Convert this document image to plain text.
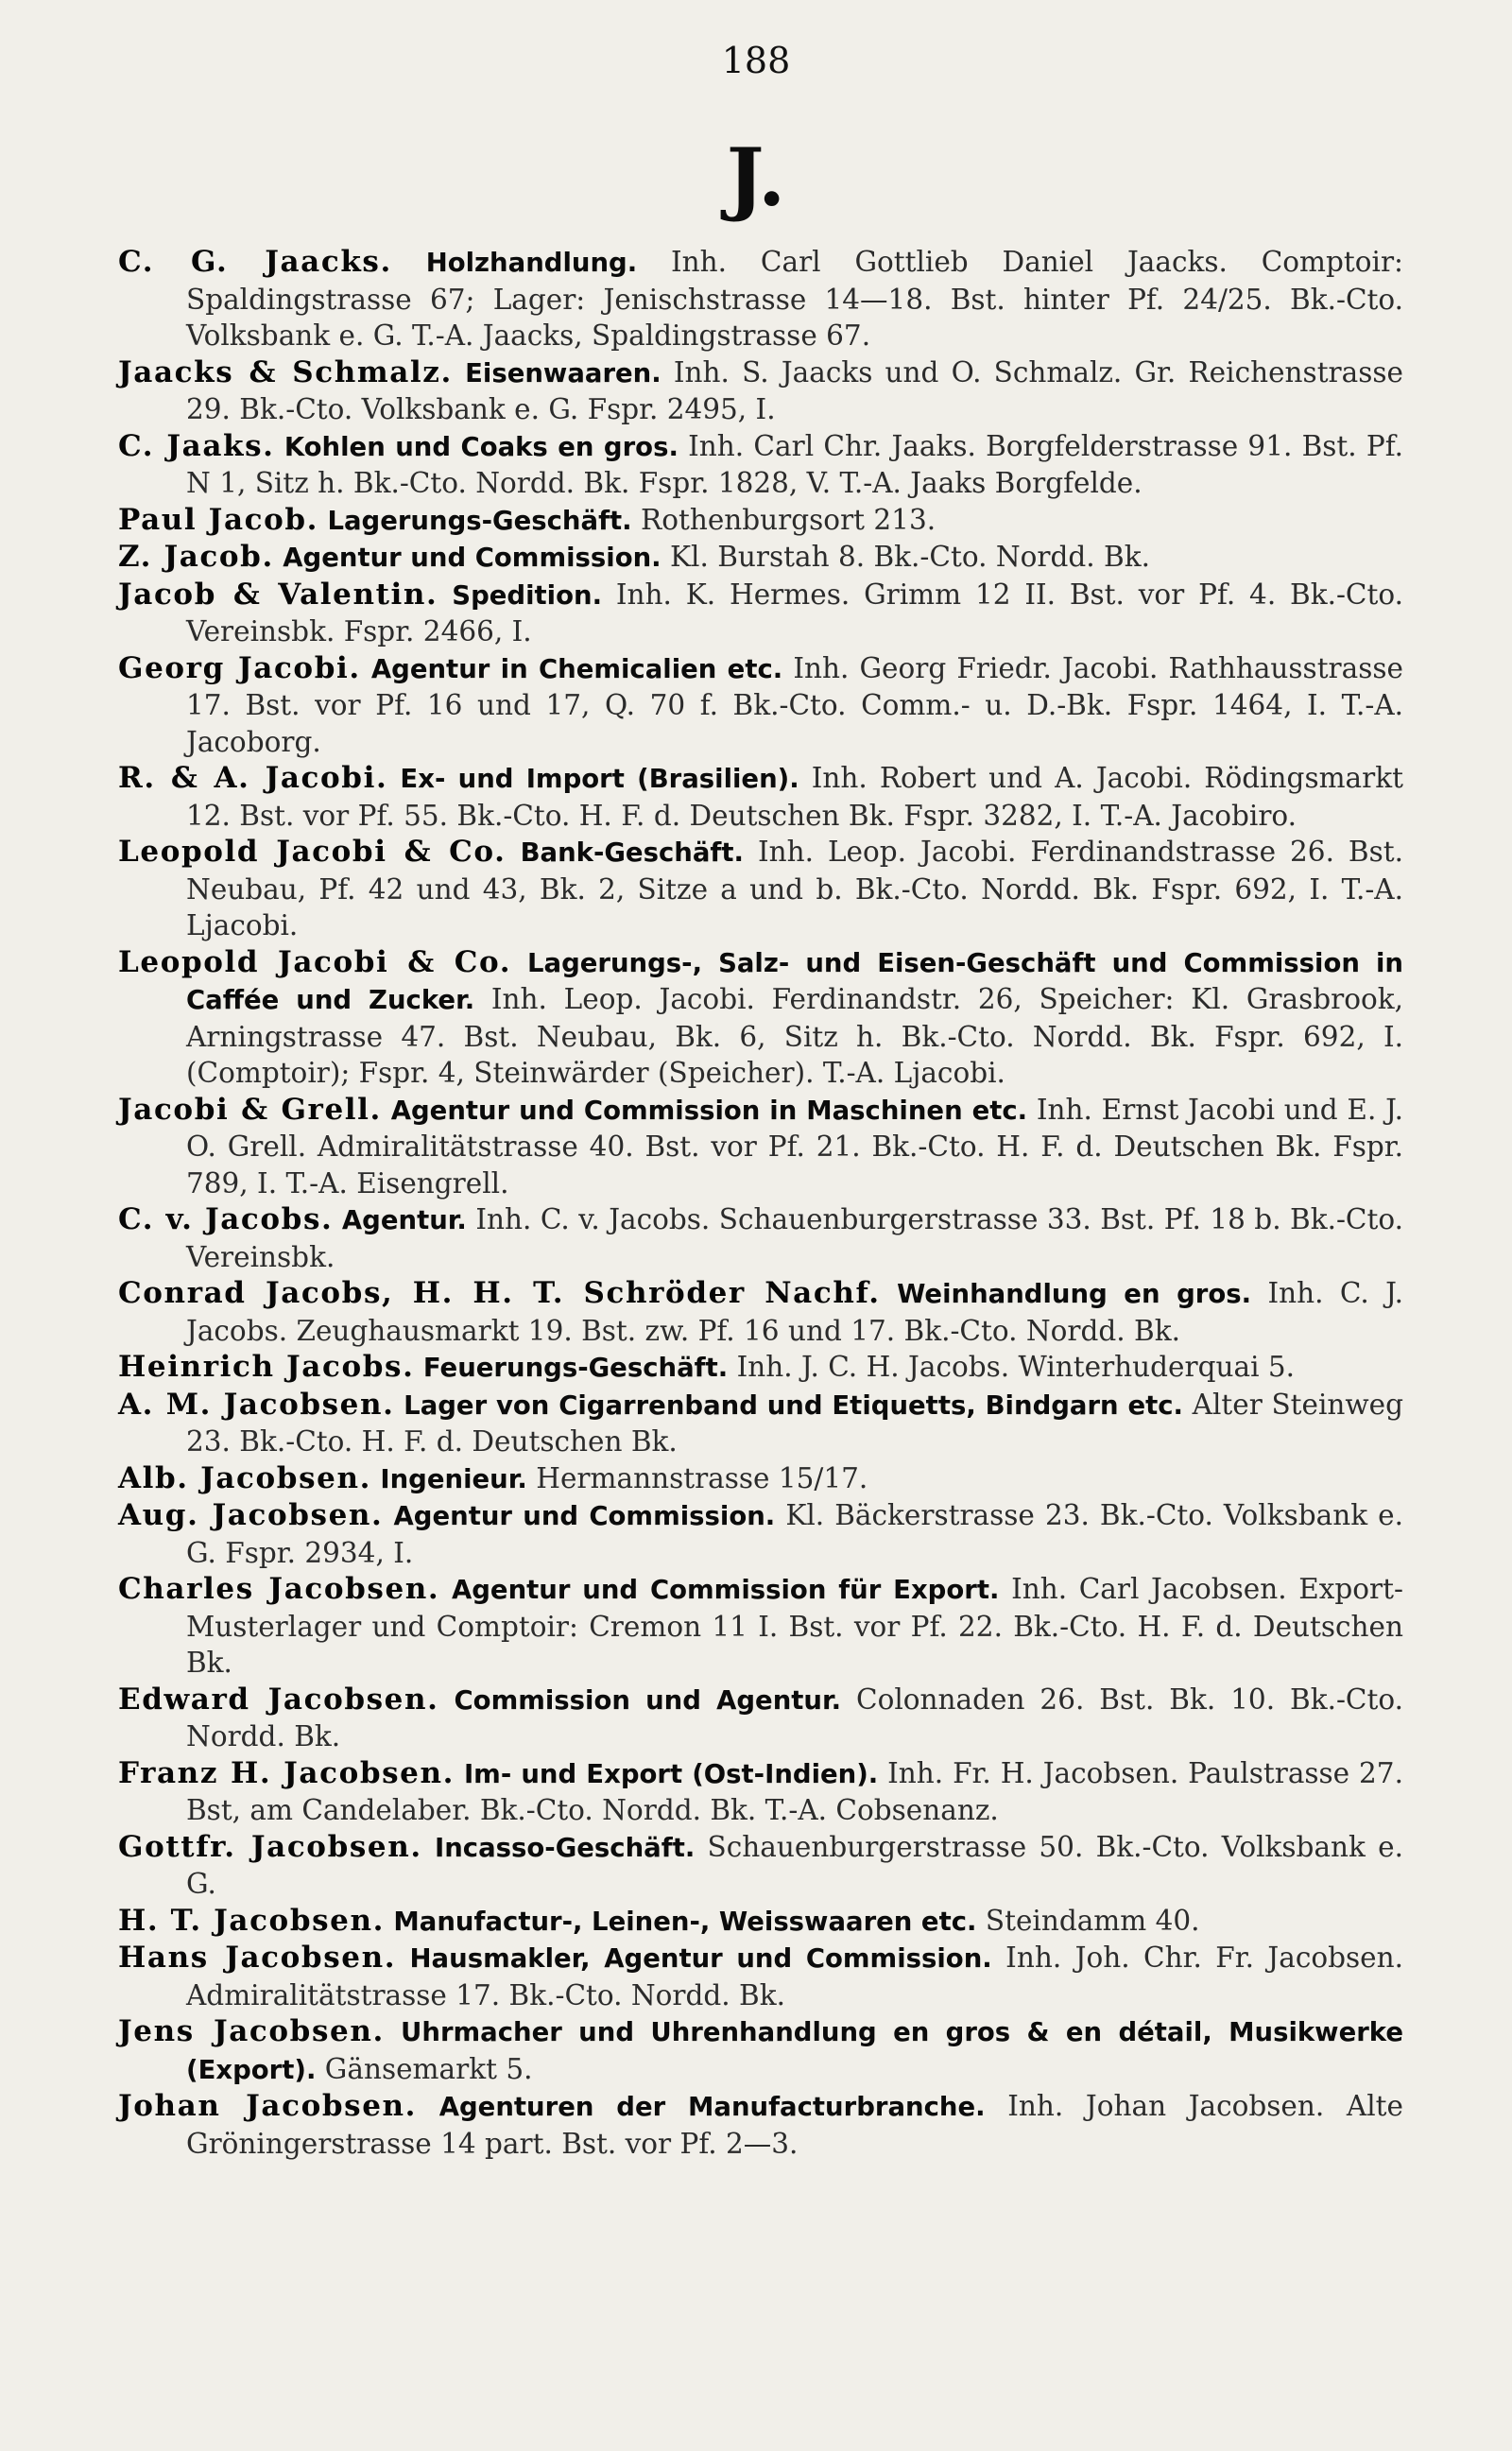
188
J.
C. G. Jaacks. Holzhandlung. Inh. Carl Gottlieb Daniel Jaacks. Comptoir: Spaldingstrasse 67; Lager: Jenischstrasse 14—18. Bst. hinter Pf. 24/25. Bk.-Cto. Volksbank e. G. T.-A. Jaacks, Spaldingstrasse 67.
Jaacks & Schmalz. Eisenwaaren. Inh. S. Jaacks und O. Schmalz. Gr. Reichenstrasse 29. Bk.-Cto. Volksbank e. G. Fspr. 2495, I.
C. Jaaks. Kohlen und Coaks en gros. Inh. Carl Chr. Jaaks. Borgfelderstrasse 91. Bst. Pf. N 1, Sitz h. Bk.-Cto. Nordd. Bk. Fspr. 1828, V. T.-A. Jaaks Borgfelde.
Paul Jacob. Lagerungs-Geschäft. Rothenburgsort 213.
Z. Jacob. Agentur und Commission. Kl. Burstah 8. Bk.-Cto. Nordd. Bk.
Jacob & Valentin. Spedition. Inh. K. Hermes. Grimm 12 II. Bst. vor Pf. 4. Bk.-Cto. Vereinsbk. Fspr. 2466, I.
Georg Jacobi. Agentur in Chemicalien etc. Inh. Georg Friedr. Jacobi. Rathhausstrasse 17. Bst. vor Pf. 16 und 17, Q. 70 f. Bk.-Cto. Comm.- u. D.-Bk. Fspr. 1464, I. T.-A. Jacoborg.
R. & A. Jacobi. Ex- und Import (Brasilien). Inh. Robert und A. Jacobi. Rödingsmarkt 12. Bst. vor Pf. 55. Bk.-Cto. H. F. d. Deutschen Bk. Fspr. 3282, I. T.-A. Jacobiro.
Leopold Jacobi & Co. Bank-Geschäft. Inh. Leop. Jacobi. Ferdinandstrasse 26. Bst. Neubau, Pf. 42 und 43, Bk. 2, Sitze a und b. Bk.-Cto. Nordd. Bk. Fspr. 692, I. T.-A. Ljacobi.
Leopold Jacobi & Co. Lagerungs-, Salz- und Eisen-Geschäft und Commission in Caffée und Zucker. Inh. Leop. Jacobi. Ferdinandstr. 26, Speicher: Kl. Grasbrook, Arningstrasse 47. Bst. Neubau, Bk. 6, Sitz h. Bk.-Cto. Nordd. Bk. Fspr. 692, I. (Comptoir); Fspr. 4, Steinwärder (Speicher). T.-A. Ljacobi.
Jacobi & Grell. Agentur und Commission in Maschinen etc. Inh. Ernst Jacobi und E. J. O. Grell. Admiralitätstrasse 40. Bst. vor Pf. 21. Bk.-Cto. H. F. d. Deutschen Bk. Fspr. 789, I. T.-A. Eisengrell.
C. v. Jacobs. Agentur. Inh. C. v. Jacobs. Schauenburgerstrasse 33. Bst. Pf. 18 b. Bk.-Cto. Vereinsbk.
Conrad Jacobs, H. H. T. Schröder Nachf. Weinhandlung en gros. Inh. C. J. Jacobs. Zeughausmarkt 19. Bst. zw. Pf. 16 und 17. Bk.-Cto. Nordd. Bk.
Heinrich Jacobs. Feuerungs-Geschäft. Inh. J. C. H. Jacobs. Winterhuderquai 5.
A. M. Jacobsen. Lager von Cigarrenband und Etiquetts, Bindgarn etc. Alter Steinweg 23. Bk.-Cto. H. F. d. Deutschen Bk.
Alb. Jacobsen. Ingenieur. Hermannstrasse 15/17.
Aug. Jacobsen. Agentur und Commission. Kl. Bäckerstrasse 23. Bk.-Cto. Volksbank e. G. Fspr. 2934, I.
Charles Jacobsen. Agentur und Commission für Export. Inh. Carl Jacobsen. Export-Musterlager und Comptoir: Cremon 11 I. Bst. vor Pf. 22. Bk.-Cto. H. F. d. Deutschen Bk.
Edward Jacobsen. Commission und Agentur. Colonnaden 26. Bst. Bk. 10. Bk.-Cto. Nordd. Bk.
Franz H. Jacobsen. Im- und Export (Ost-Indien). Inh. Fr. H. Jacobsen. Paulstrasse 27. Bst, am Candelaber. Bk.-Cto. Nordd. Bk. T.-A. Cobsenanz.
Gottfr. Jacobsen. Incasso-Geschäft. Schauenburgerstrasse 50. Bk.-Cto. Volksbank e. G.
H. T. Jacobsen. Manufactur-, Leinen-, Weisswaaren etc. Steindamm 40.
Hans Jacobsen. Hausmakler, Agentur und Commission. Inh. Joh. Chr. Fr. Jacobsen. Admiralitätstrasse 17. Bk.-Cto. Nordd. Bk.
Jens Jacobsen. Uhrmacher und Uhrenhandlung en gros & en détail, Musikwerke (Export). Gänsemarkt 5.
Johan Jacobsen. Agenturen der Manufacturbranche. Inh. Johan Jacobsen. Alte Gröningerstrasse 14 part. Bst. vor Pf. 2—3.
